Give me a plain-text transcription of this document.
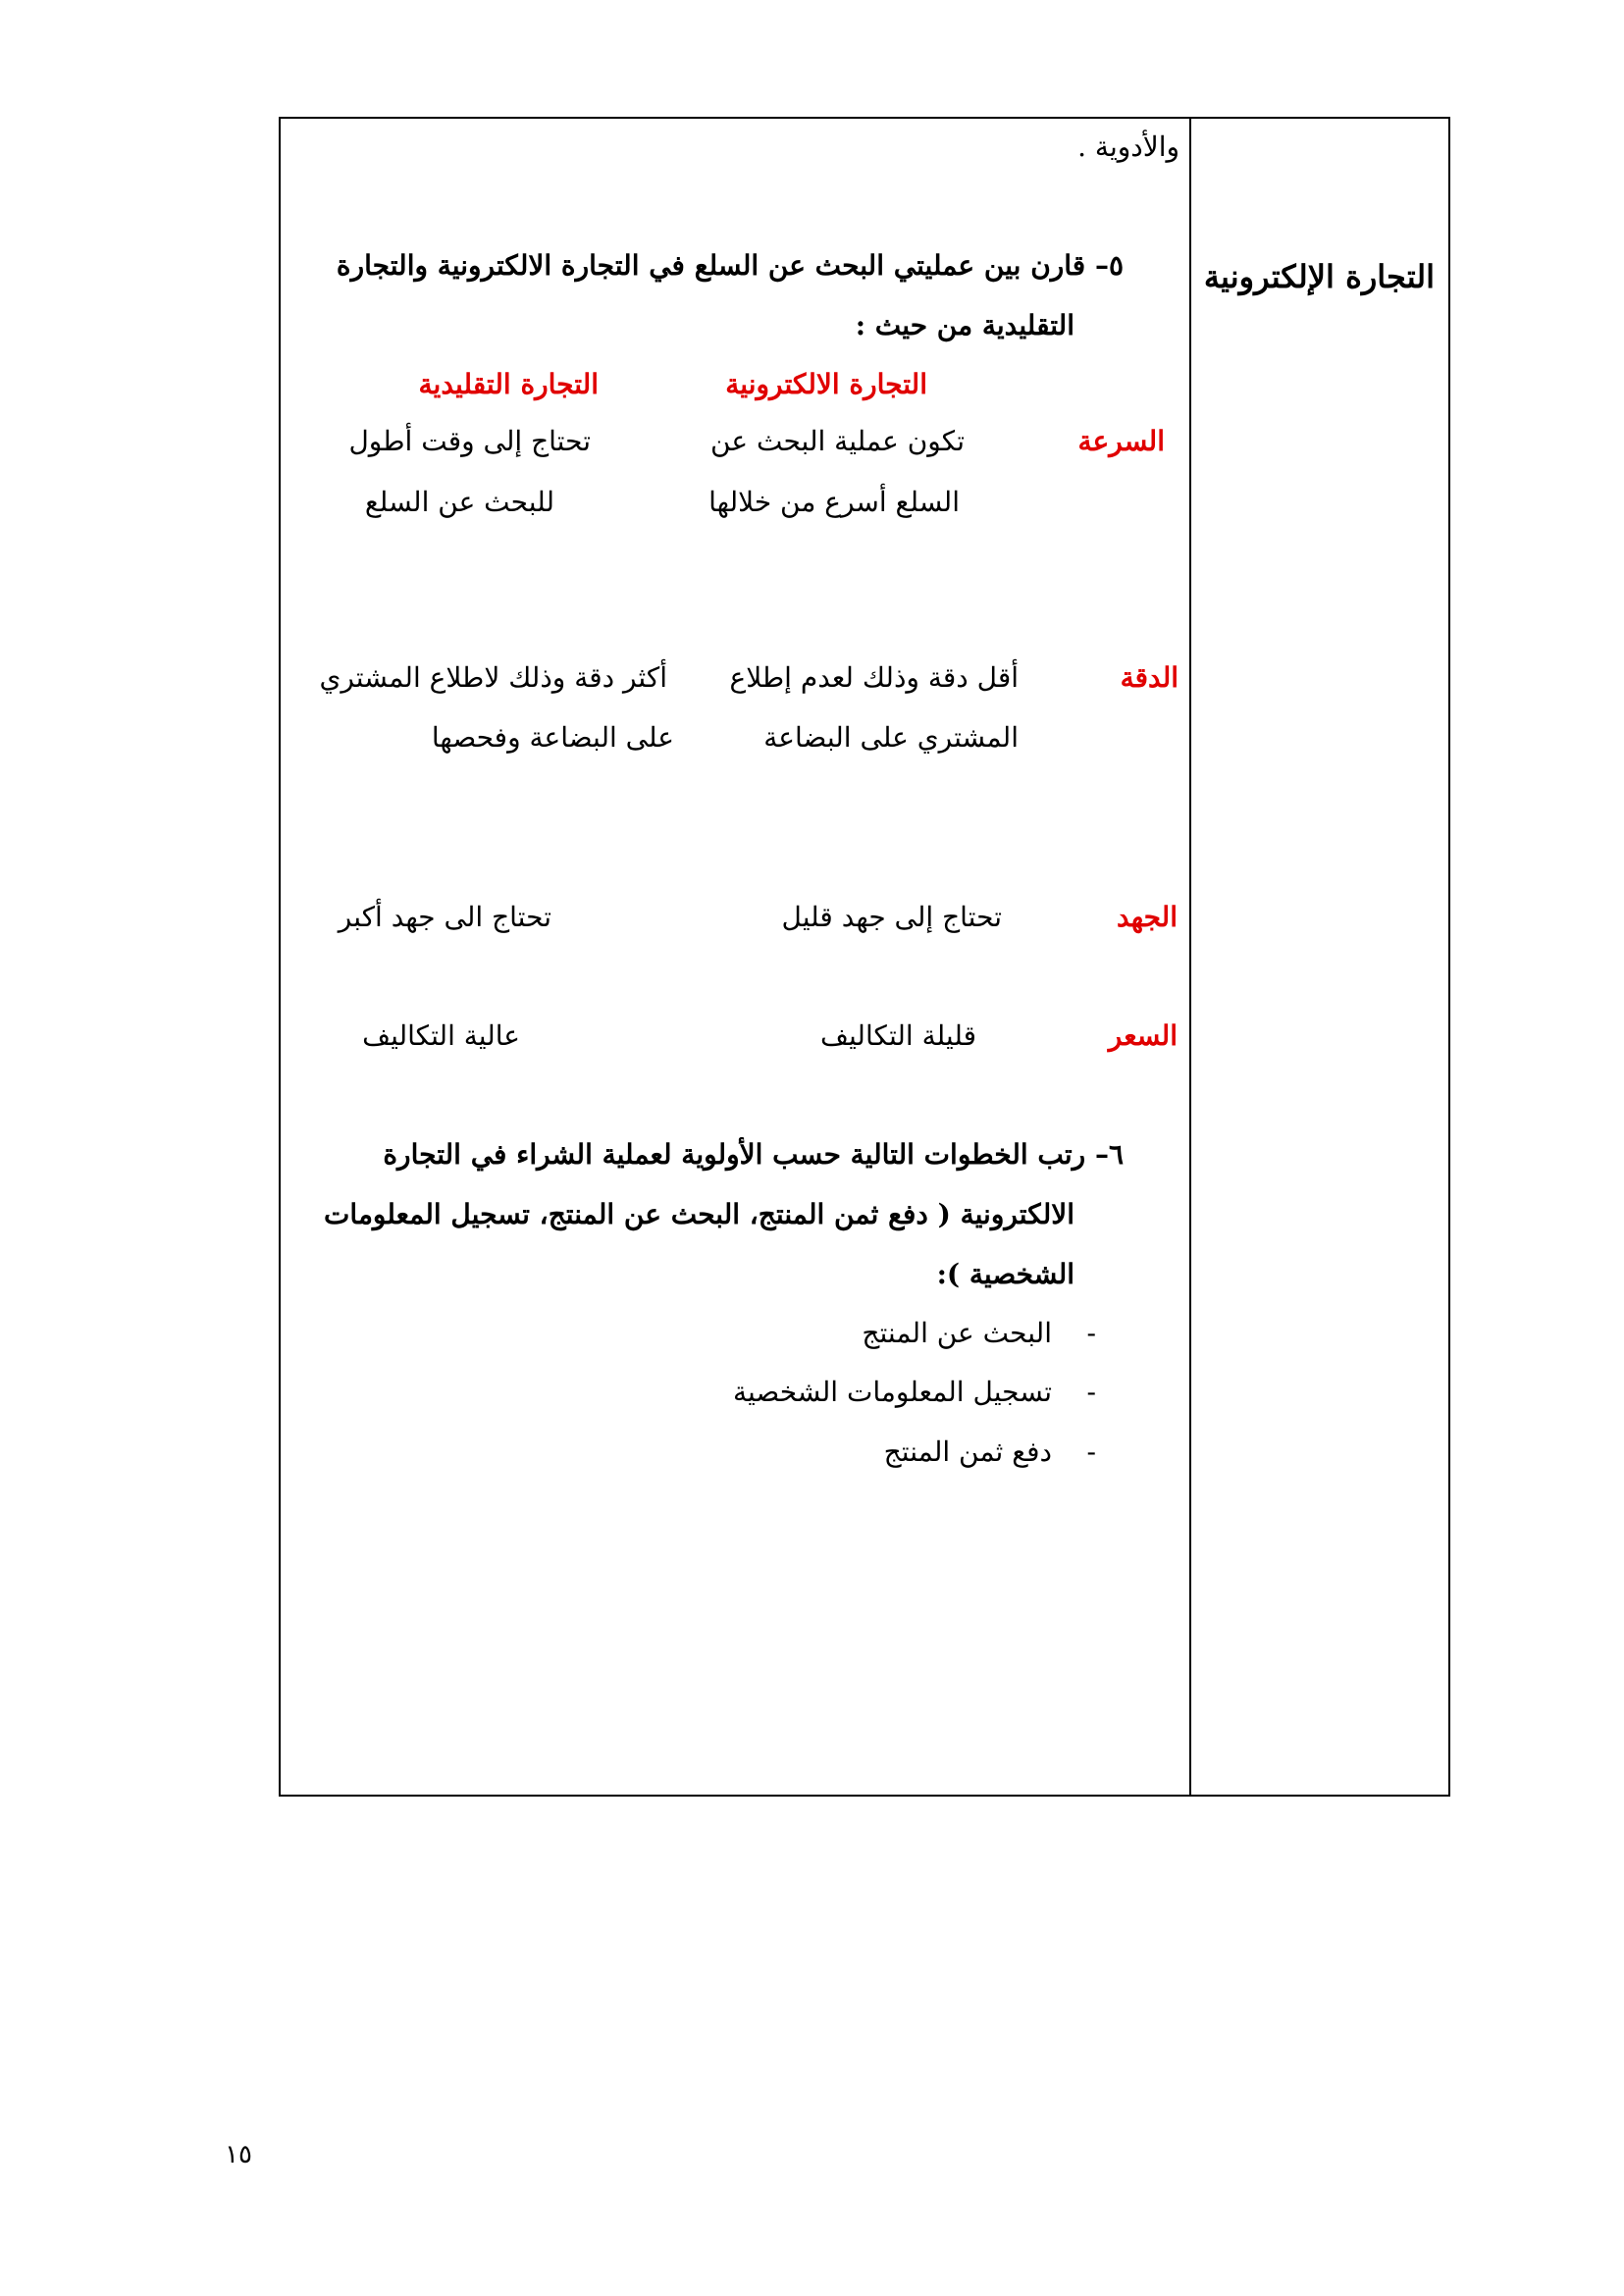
التجارة الإلكترونية
والأدوية .
٥– قارن بين عمليتي البحث عن السلع في التجارة الالكترونية والتجارة
التقليدية من حيث :
التجارة الالكترونية
التجارة التقليدية
السرعة
تكون عملية البحث عن
السلع أسرع من خلالها
تحتاج إلى وقت أطول
للبحث عن السلع
الدقة
أقل دقة وذلك لعدم إطلاع
المشتري على البضاعة
أكثر دقة وذلك لاطلاع المشتري
على البضاعة وفحصها
الجهد
تحتاج إلى جهد قليل
تحتاج الى جهد أكبر
السعر
قليلة التكاليف
عالية التكاليف
٦– رتب الخطوات التالية حسب الأولوية لعملية الشراء في التجارة
الالكترونية ( دفع ثمن المنتج، البحث عن المنتج، تسجيل المعلومات
الشخصية ):
-
البحث عن المنتج
-
تسجيل المعلومات الشخصية
-
دفع ثمن المنتج
١٥
